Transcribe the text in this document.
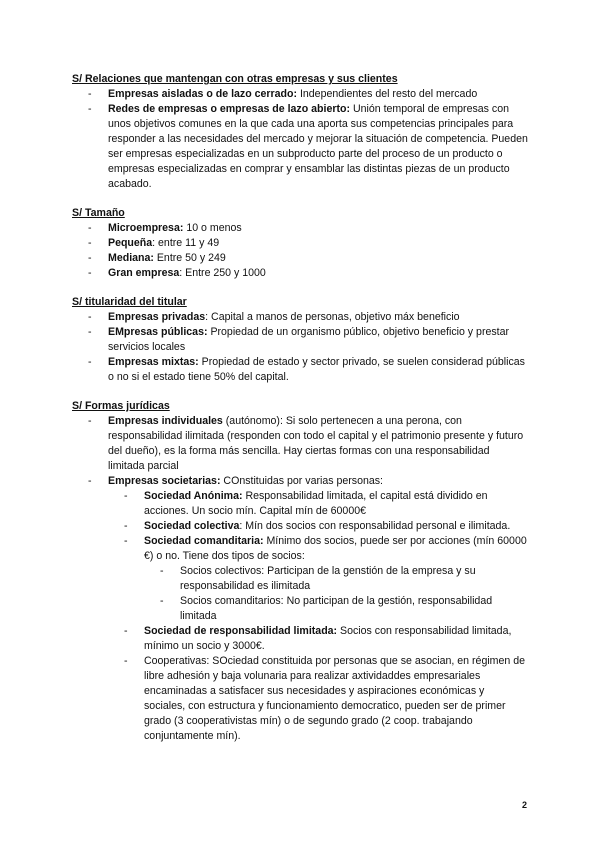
S/ Relaciones que mantengan con otras empresas y sus clientes

- Empresas aisladas o de lazo cerrado: Independientes del resto del mercado
- Redes de empresas o empresas de lazo abierto: Unión temporal de empresas con unos objetivos comunes en la que cada una aporta sus competencias principales para responder a las necesidades del mercado y mejorar la situación de competencia. Pueden ser empresas especializadas en un subproducto parte del proceso de un producto o empresas especializadas en comprar y ensamblar las distintas piezas de un producto acabado.

S/ Tamaño

- Microempresa: 10 o menos
- Pequeña: entre 11 y 49
- Mediana: Entre 50 y 249
- Gran empresa: Entre 250 y 1000

S/ titularidad del titular

- Empresas privadas: Capital a manos de personas, objetivo máx beneficio
- EMpresas públicas: Propiedad de un organismo público, objetivo beneficio y prestar servicios locales
- Empresas mixtas: Propiedad de estado y sector privado, se suelen considerad públicas o no si el estado tiene 50% del capital.

S/ Formas jurídicas

- Empresas individuales (autónomo): Si solo pertenecen a una perona, con responsabilidad ilimitada (responden con todo el capital y el patrimonio presente y futuro del dueño), es la forma más sencilla. Hay ciertas formas con una responsabilidad limitada parcial
- Empresas societarias: COnstituidas por varias personas:
- Sociedad Anónima: Responsabilidad limitada, el capital está dividido en acciones. Un socio mín. Capital mín de 60000€
- Sociedad colectiva: Mín dos socios con responsabilidad personal e ilimitada.
- Sociedad comanditaria: Mínimo dos socios, puede ser por acciones (mín 60000 €) o no. Tiene dos tipos de socios:
- Socios colectivos: Participan de la genstión de la empresa y su responsabilidad es ilimitada
- Socios comanditarios: No participan de la gestión, responsabilidad limitada
- Sociedad de responsabilidad limitada: Socios con responsabilidad limitada, mínimo un socio y 3000€.
- Cooperativas: SOciedad constituida por personas que se asocian, en régimen de libre adhesión y baja volunaria para realizar axtividaddes empresariales encaminadas a satisfacer sus necesidades y aspiraciones económicas y sociales, con estructura y funcionamiento democratico, pueden ser de primer grado (3 cooperativistas mín) o de segundo grado (2 coop. trabajando conjuntamente mín).
2
